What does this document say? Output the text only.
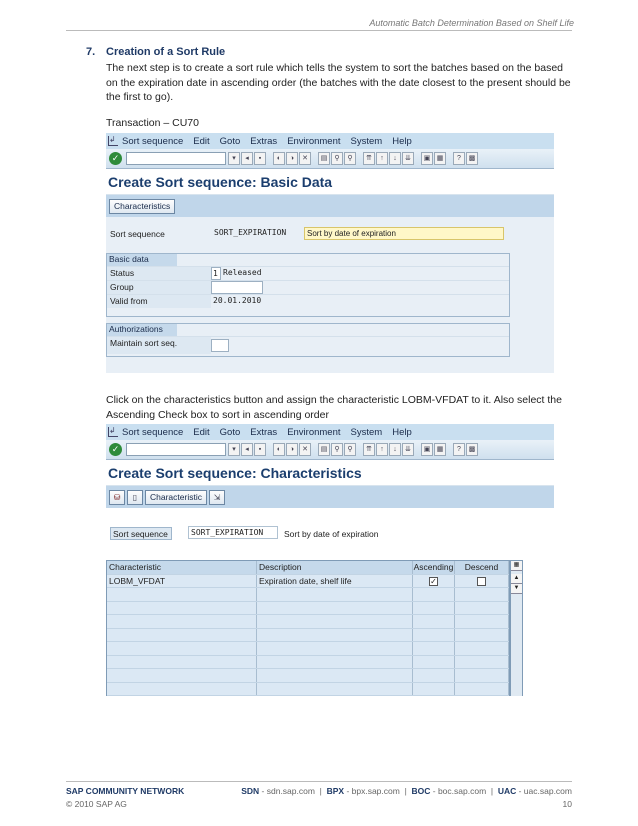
Automatic Batch Determination Based on Shelf Life
7. Creation of a Sort Rule
The next step is to create a sort rule which tells the system to sort the batches based on the based on the expiration date in ascending order (the batches with the date closest to the present should be the first to go).
Transaction – CU70
↲ Sort sequence Edit Goto Extras Environment System Help
✓	▾	◂	▪	◐	◑	✕	▤	⚲	⚲	⇈	↑	↓	⇊	▣ ▦	?	▩
Create Sort sequence: Basic Data
Characteristics
Sort sequence	SORT_EXPIRATION	Sort by date of expiration
Basic data
Status	1 Released
Group
Valid from	20.01.2010
Authorizations
Maintain sort seq.
Click on the characteristics button and assign the characteristic LOBM-VFDAT to it. Also select the Ascending Check box to sort in ascending order
↲ Sort sequence Edit Goto Extras Environment System Help
✓	▾	◂	▪	◐	◑	✕	▤	⚲	⚲	⇈	↑	↓	⇊	▣ ▦	?	▩
Create Sort sequence: Characteristics
⛁	▯	Characteristic	⇲
Sort sequence	SORT_EXPIRATION	Sort by date of expiration
Characteristic	Description	Ascending	Descend
LOBM_VFDAT	Expiration date, shelf life	✓
▦
▲
▼
SAP COMMUNITY NETWORK
© 2010 SAP AG
SDN - sdn.sap.com  |  BPX - bpx.sap.com  |  BOC - boc.sap.com  |  UAC - uac.sap.com
10
